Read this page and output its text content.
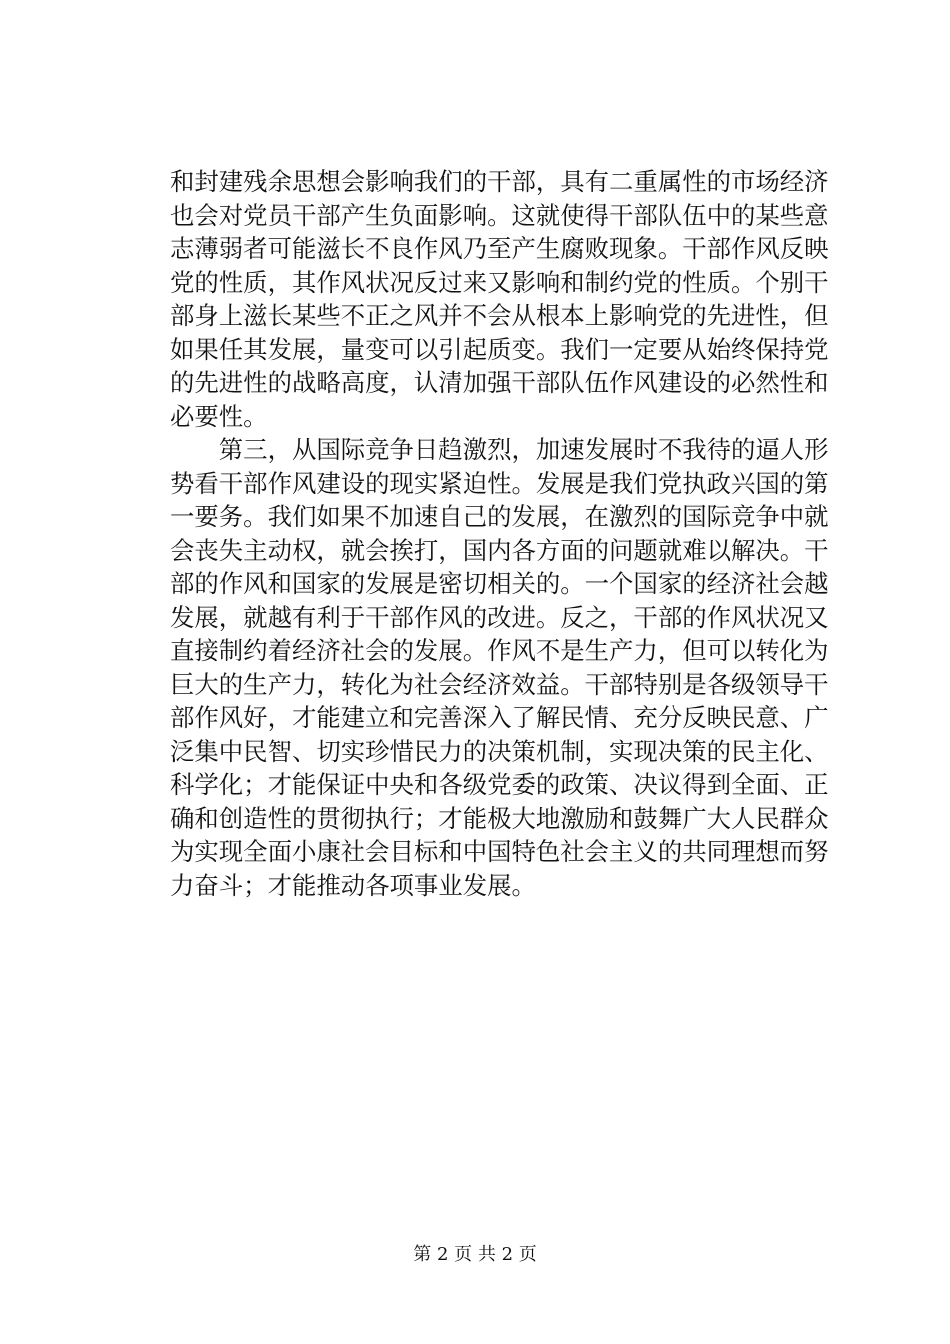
和封建残余思想会影响我们的干部，具有二重属性的市场经济
也会对党员干部产生负面影响。这就使得干部队伍中的某些意
志薄弱者可能滋长不良作风乃至产生腐败现象。干部作风反映
党的性质，其作风状况反过来又影响和制约党的性质。个别干
部身上滋长某些不正之风并不会从根本上影响党的先进性，但
如果任其发展，量变可以引起质变。我们一定要从始终保持党
的先进性的战略高度，认清加强干部队伍作风建设的必然性和
必要性。
　　第三，从国际竞争日趋激烈，加速发展时不我待的逼人形
势看干部作风建设的现实紧迫性。发展是我们党执政兴国的第
一要务。我们如果不加速自己的发展，在激烈的国际竞争中就
会丧失主动权，就会挨打，国内各方面的问题就难以解决。干
部的作风和国家的发展是密切相关的。一个国家的经济社会越
发展，就越有利于干部作风的改进。反之，干部的作风状况又
直接制约着经济社会的发展。作风不是生产力，但可以转化为
巨大的生产力，转化为社会经济效益。干部特别是各级领导干
部作风好，才能建立和完善深入了解民情、充分反映民意、广
泛集中民智、切实珍惜民力的决策机制，实现决策的民主化、
科学化；才能保证中央和各级党委的政策、决议得到全面、正
确和创造性的贯彻执行；才能极大地激励和鼓舞广大人民群众
为实现全面小康社会目标和中国特色社会主义的共同理想而努
力奋斗；才能推动各项事业发展。
第 2 页 共 2 页
